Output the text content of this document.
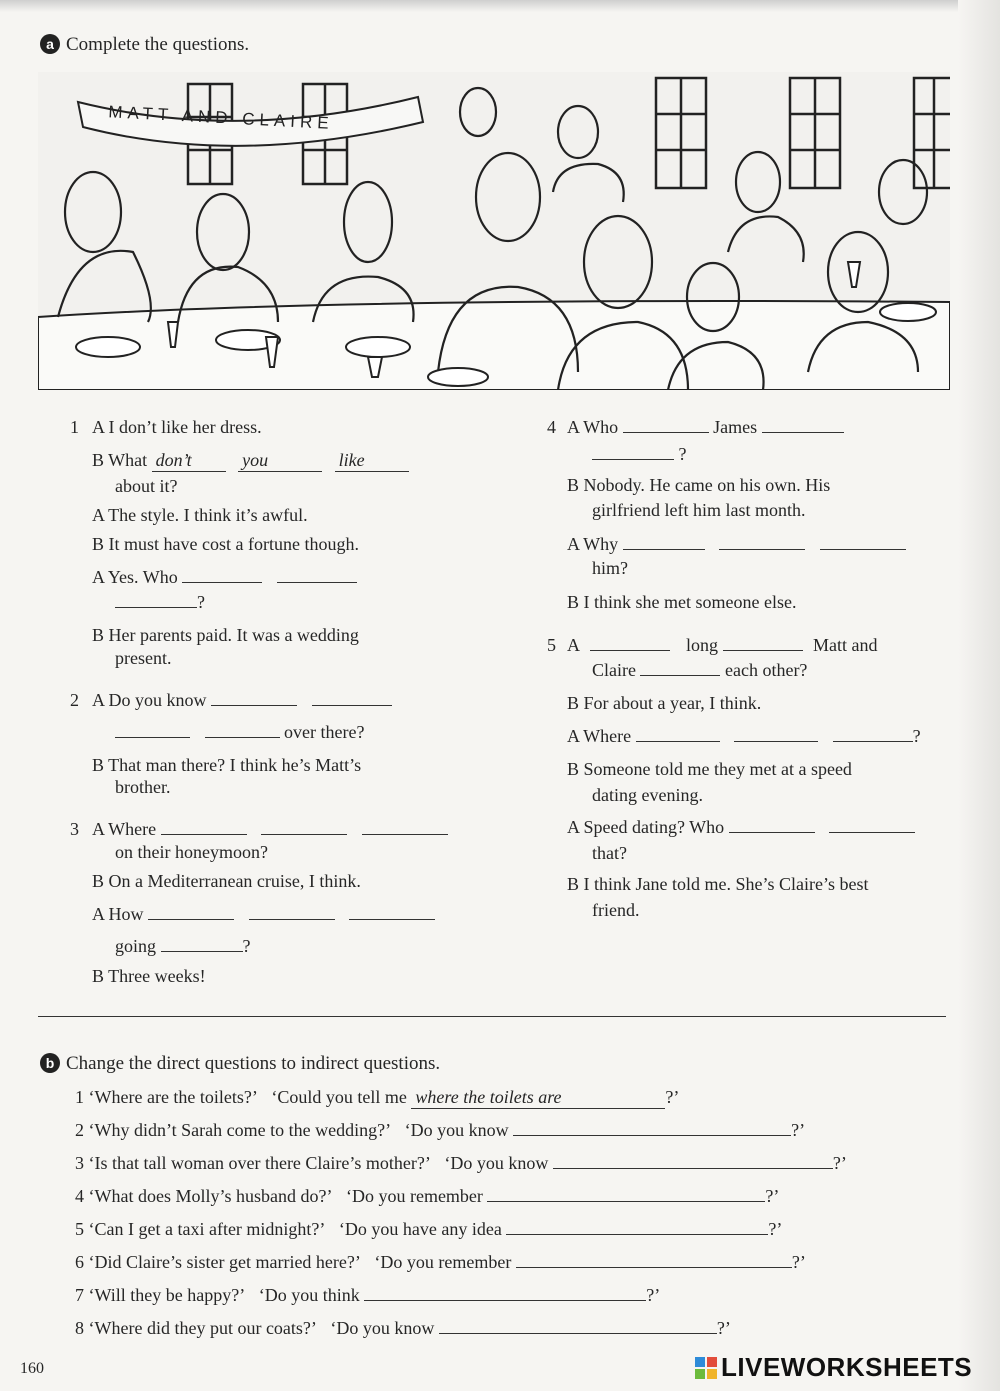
a Complete the questions.
MATT AND CLAIRE
1 A I don’t like her dress.
B What don’t	you	like
about it?
A The style. I think it’s awful.
B It must have cost a fortune though.
A Yes. Who
?
B Her parents paid. It was a wedding
present.
2 A Do you know
over there?
B That man there? I think he’s Matt’s
brother.
3 A Where
on their honeymoon?
B On a Mediterranean cruise, I think.
A How
going	?
B Three weeks!
4 A Who	James
?
B Nobody. He came on his own. His
girlfriend left him last month.
A Why
him?
B I think she met someone else.
5 A	long	Matt and
Claire	each other?
B For about a year, I think.
A Where	?
B Someone told me they met at a speed
dating evening.
A Speed dating? Who
that?
B I think Jane told me. She’s Claire’s best
friend.
b Change the direct questions to indirect questions.
1 ‘Where are the toilets?’ ‘Could you tell me where the toilets are	?’
2 ‘Why didn’t Sarah come to the wedding?’ ‘Do you know	?’
3 ‘Is that tall woman over there Claire’s mother?’ ‘Do you know	?’
4 ‘What does Molly’s husband do?’ ‘Do you remember	?’
5 ‘Can I get a taxi after midnight?’ ‘Do you have any idea	?’
6 ‘Did Claire’s sister get married here?’ ‘Do you remember	?’
7 ‘Will they be happy?’ ‘Do you think	?’
8 ‘Where did they put our coats?’ ‘Do you know	?’
160	LIVEWORKSHEETS
